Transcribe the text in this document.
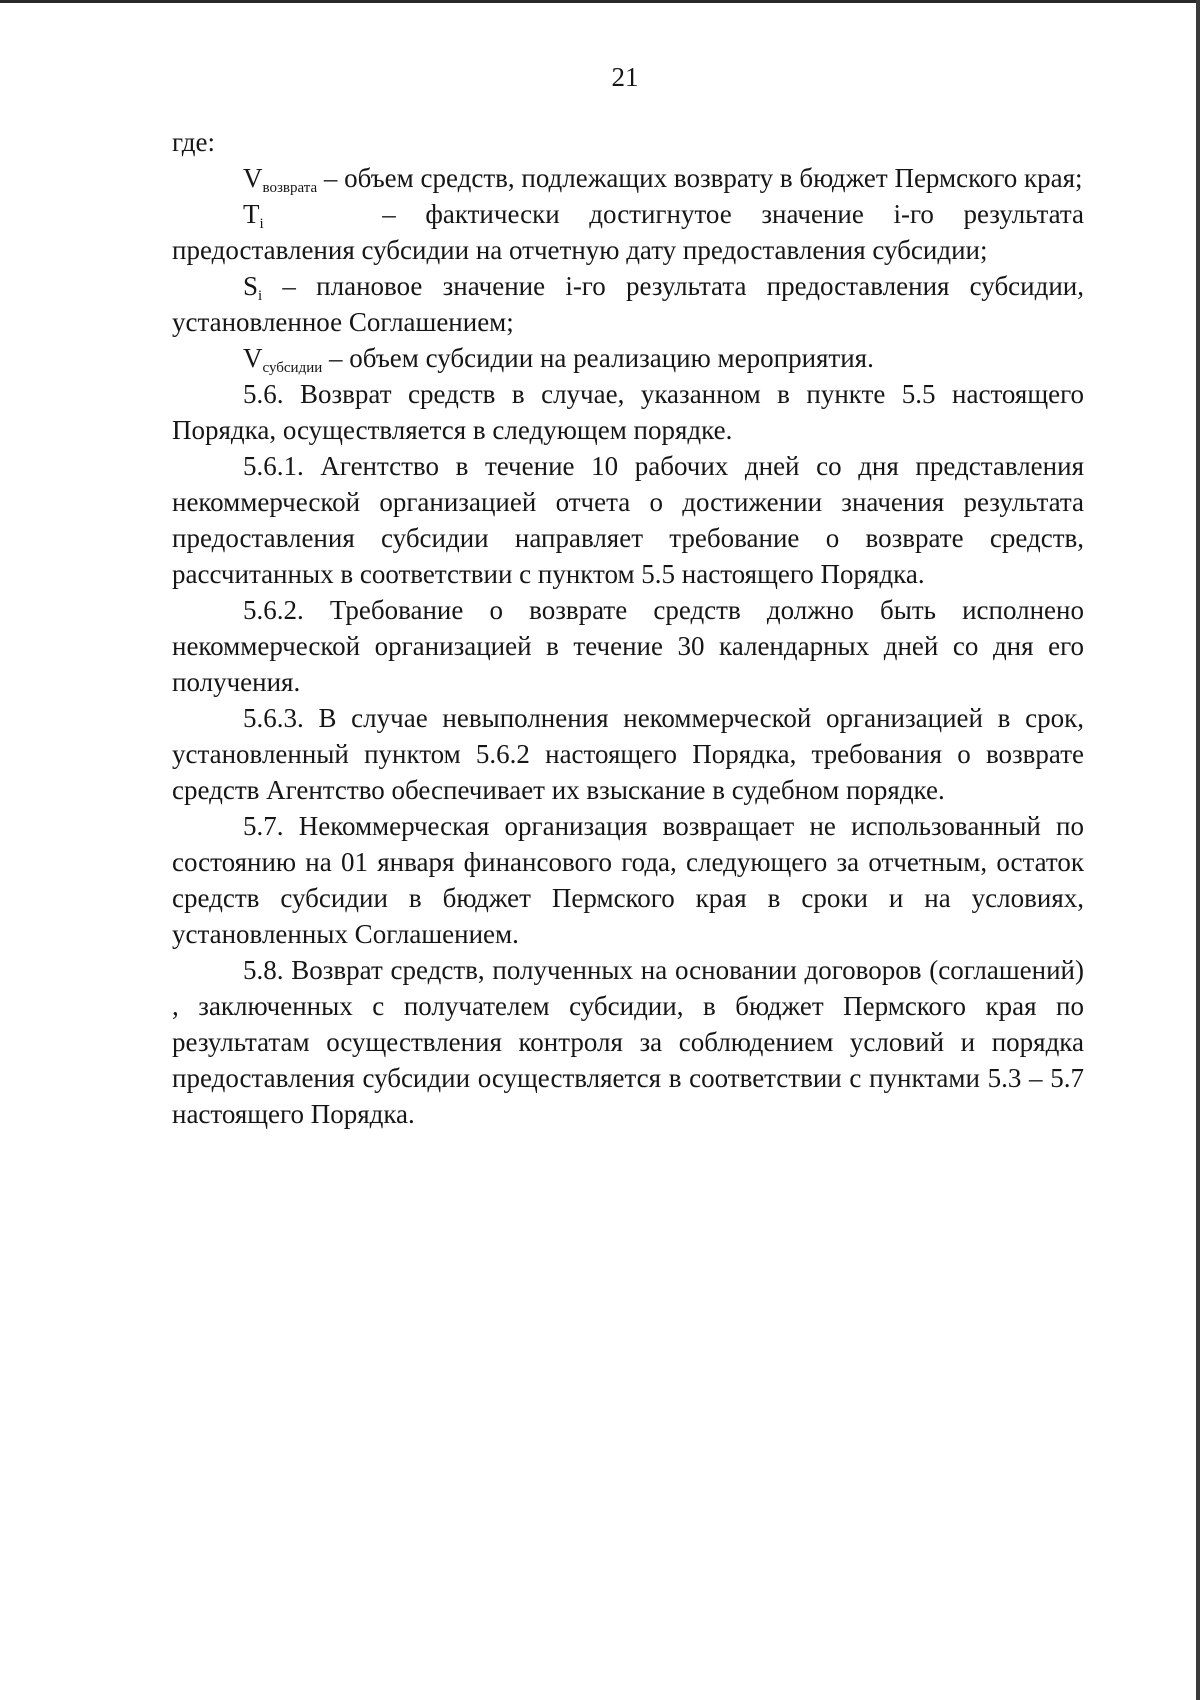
21

где:

$V_{возврата}$ – объем средств, подлежащих возврату в бюджет Пермского края;

$T_i$	– фактически достигнутое значение i-го результата

предоставления субсидии на отчетную дату предоставления субсидии;

$S_i$ – плановое значение i-го результата предоставления субсидии, установленное Соглашением;

$V_{субсидии}$ – объем субсидии на реализацию мероприятия.

5.6. Возврат средств в случае, указанном в пункте 5.5 настоящего Порядка, осуществляется в следующем порядке.

5.6.1. Агентство в течение 10 рабочих дней со дня представления некоммерческой организацией отчета о достижении значения результата предоставления субсидии направляет требование о возврате средств, рассчитанных в соответствии с пунктом 5.5 настоящего Порядка.

5.6.2. Требование о возврате средств должно быть исполнено некоммерческой организацией в течение 30 календарных дней со дня его получения.

5.6.3. В случае невыполнения некоммерческой организацией в срок, установленный пунктом 5.6.2 настоящего Порядка, требования о возврате средств Агентство обеспечивает их взыскание в судебном порядке.

5.7. Некоммерческая организация возвращает не использованный по состоянию на 01 января финансового года, следующего за отчетным, остаток средств субсидии в бюджет Пермского края в сроки и на условиях, установленных Соглашением.

5.8. Возврат средств, полученных на основании договоров (соглашений) , заключенных с получателем субсидии, в бюджет Пермского края по результатам осуществления контроля за соблюдением условий и порядка предоставления субсидии осуществляется в соответствии с пунктами 5.3 – 5.7 настоящего Порядка.
